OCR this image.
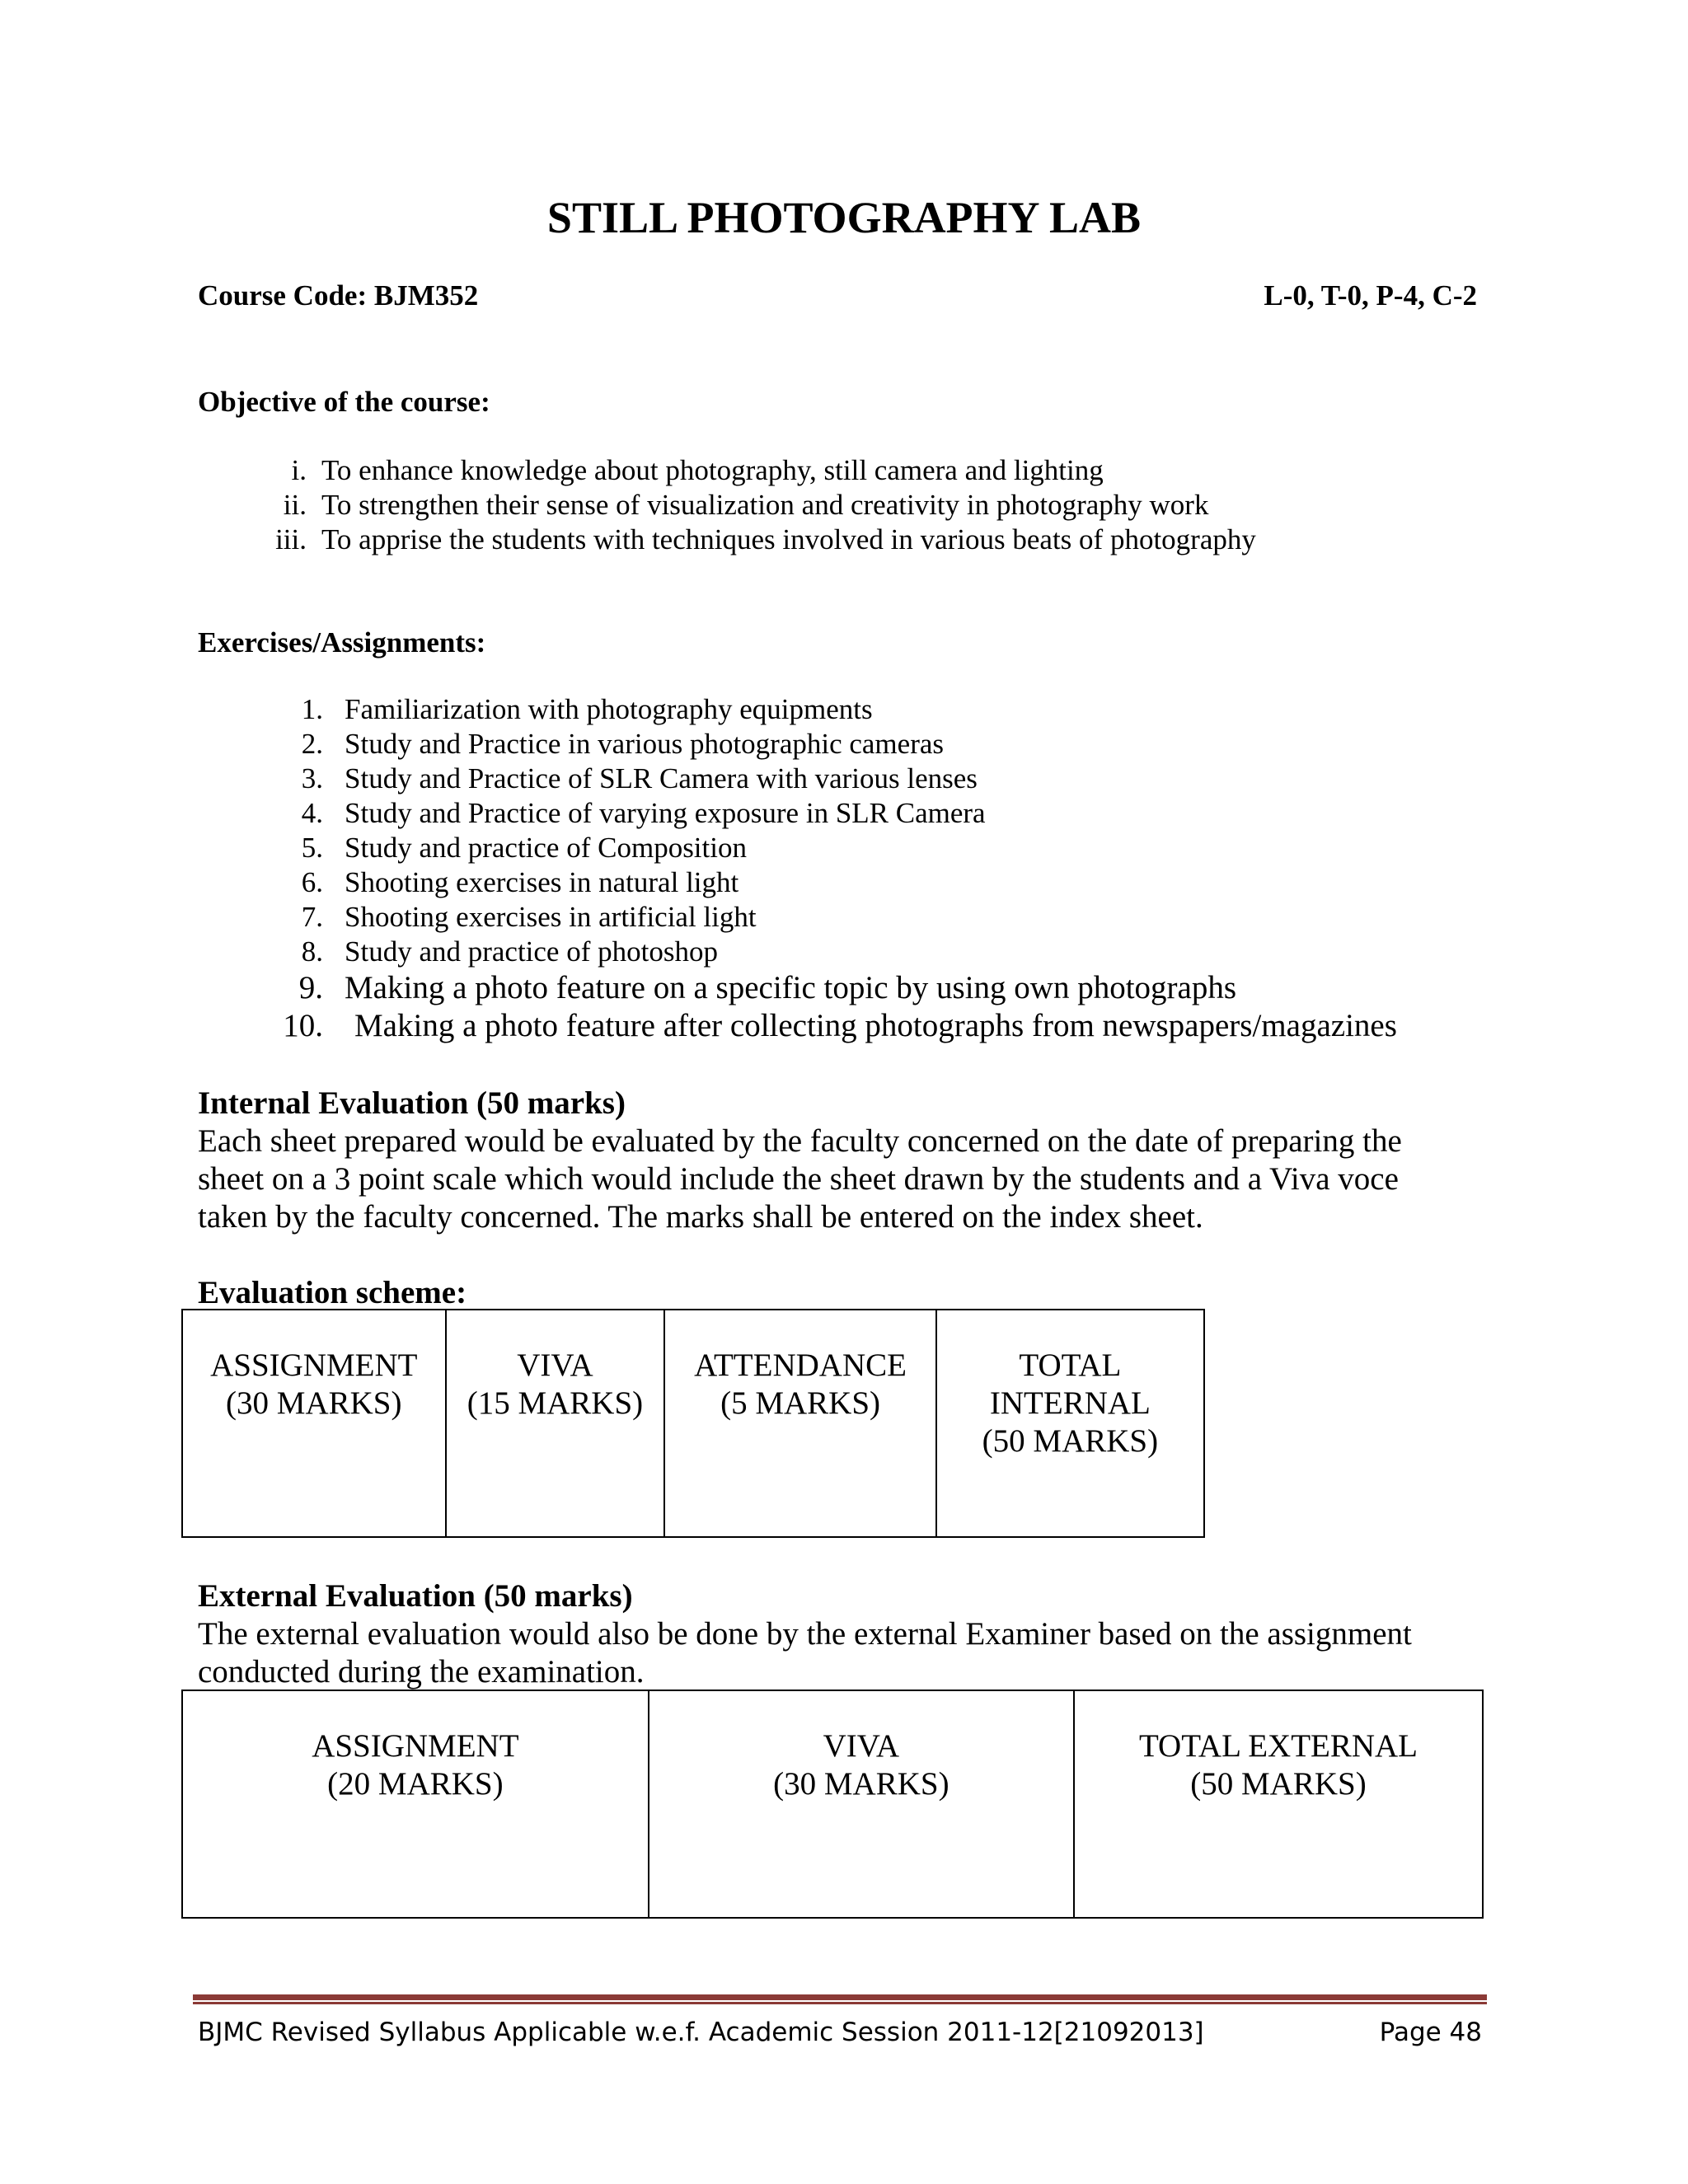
STILL PHOTOGRAPHY LAB
Course Code: BJM352	L-0, T-0, P-4, C-2
Objective of the course:
i. To enhance knowledge about photography, still camera and lighting
ii. To strengthen their sense of visualization and creativity in photography work
iii. To apprise the students with techniques involved in various beats of photography
Exercises/Assignments:
1. Familiarization with photography equipments
2. Study and Practice in various photographic cameras
3. Study and Practice of SLR Camera with various lenses
4. Study and Practice of varying exposure in SLR Camera
5. Study and practice of Composition
6. Shooting exercises in natural light
7. Shooting exercises in artificial light
8. Study and practice of photoshop
9. Making a photo feature on a specific topic by using own photographs
10. Making a photo feature after collecting photographs from newspapers/magazines
Internal Evaluation (50 marks)

Each sheet prepared would be evaluated by the faculty concerned on the date of preparing the
sheet on a 3 point scale which would include the sheet drawn by the students and a Viva voce
taken by the faculty concerned. The marks shall be entered on the index sheet.

Evaluation scheme:
ASSIGNMENT
(30 MARKS)	VIVA
(15 MARKS)	ATTENDANCE
(5 MARKS)	TOTAL
INTERNAL
(50 MARKS)
External Evaluation (50 marks)

The external evaluation would also be done by the external Examiner based on the assignment
conducted during the examination.

ASSIGNMENT
(20 MARKS)	VIVA
(30 MARKS)	TOTAL EXTERNAL
(50 MARKS)
BJMC Revised Syllabus Applicable w.e.f. Academic Session 2011-12[21092013]	Page 48
